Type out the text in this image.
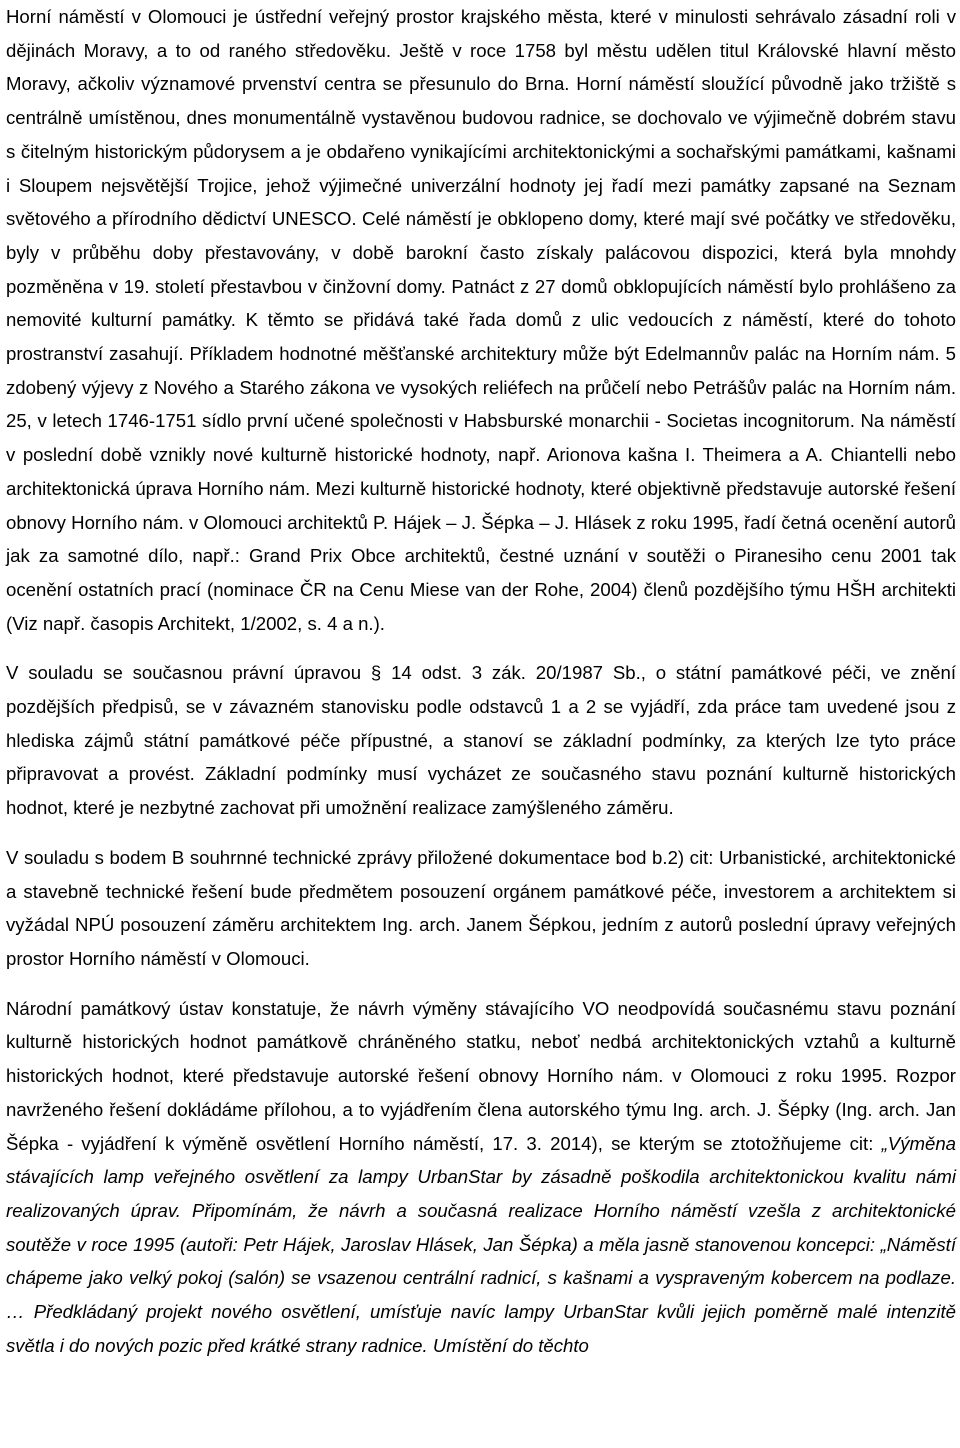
Horní náměstí v Olomouci je ústřední veřejný prostor krajského města, které v minulosti sehrávalo zásadní roli v dějinách Moravy, a to od raného středověku. Ještě v roce 1758 byl městu udělen titul Královské hlavní město Moravy, ačkoliv významové prvenství centra se přesunulo do Brna. Horní náměstí sloužící původně jako tržiště s centrálně umístěnou, dnes monumentálně vystavěnou budovou radnice, se dochovalo ve výjimečně dobrém stavu s čitelným historickým půdorysem a je obdařeno vynikajícími architektonickými a sochařskými památkami, kašnami i Sloupem nejsvětější Trojice, jehož výjimečné univerzální hodnoty jej řadí mezi památky zapsané na Seznam světového a přírodního dědictví UNESCO. Celé náměstí je obklopeno domy, které mají své počátky ve středověku, byly v průběhu doby přestavovány, v době barokní často získaly palácovou dispozici, která byla mnohdy pozměněna v 19. století přestavbou v činžovní domy. Patnáct z 27 domů obklopujících náměstí bylo prohlášeno za nemovité kulturní památky. K těmto se přidává také řada domů z ulic vedoucích z náměstí, které do tohoto prostranství zasahují. Příkladem hodnotné měšťanské architektury může být Edelmannův palác na Horním nám. 5 zdobený výjevy z Nového a Starého zákona ve vysokých reliéfech na průčelí nebo Petrášův palác na Horním nám. 25, v letech 1746-1751 sídlo první učené společnosti v Habsburské monarchii - Societas incognitorum. Na náměstí v poslední době vznikly nové kulturně historické hodnoty, např. Arionova kašna I. Theimera a A. Chiantelli nebo architektonická úprava Horního nám. Mezi kulturně historické hodnoty, které objektivně představuje autorské řešení obnovy Horního nám. v Olomouci architektů P. Hájek – J. Šépka – J. Hlásek z roku 1995, řadí četná ocenění autorů jak za samotné dílo, např.: Grand Prix Obce architektů, čestné uznání v soutěži o Piranesiho cenu 2001 tak ocenění ostatních prací (nominace ČR na Cenu Miese van der Rohe, 2004) členů pozdějšího týmu HŠH architekti (Viz např. časopis Architekt, 1/2002, s. 4 a n.).

V souladu se současnou právní úpravou § 14 odst. 3 zák. 20/1987 Sb., o státní památkové péči, ve znění pozdějších předpisů, se v závazném stanovisku podle odstavců 1 a 2 se vyjádří, zda práce tam uvedené jsou z hlediska zájmů státní památkové péče přípustné, a stanoví se základní podmínky, za kterých lze tyto práce připravovat a provést. Základní podmínky musí vycházet ze současného stavu poznání kulturně historických hodnot, které je nezbytné zachovat při umožnění realizace zamýšleného záměru.

V souladu s bodem B souhrnné technické zprávy přiložené dokumentace bod b.2) cit: Urbanistické, architektonické a stavebně technické řešení bude předmětem posouzení orgánem památkové péče, investorem a architektem si vyžádal NPÚ posouzení záměru architektem Ing. arch. Janem Šépkou, jedním z autorů poslední úpravy veřejných prostor Horního náměstí v Olomouci.

Národní památkový ústav konstatuje, že návrh výměny stávajícího VO neodpovídá současnému stavu poznání kulturně historických hodnot památkově chráněného statku, neboť nedbá architektonických vztahů a kulturně historických hodnot, které představuje autorské řešení obnovy Horního nám. v Olomouci z roku 1995. Rozpor navrženého řešení dokládáme přílohou, a to vyjádřením člena autorského týmu Ing. arch. J. Šépky (Ing. arch. Jan Šépka - vyjádření k výměně osvětlení Horního náměstí, 17. 3. 2014), se kterým se ztotožňujeme cit: „Výměna stávajících lamp veřejného osvětlení za lampy UrbanStar by zásadně poškodila architektonickou kvalitu námi realizovaných úprav. Připomínám, že návrh a současná realizace Horního náměstí vzešla z architektonické soutěže v roce 1995 (autoři: Petr Hájek, Jaroslav Hlásek, Jan Šépka) a měla jasně stanovenou koncepci: „Náměstí chápeme jako velký pokoj (salón) se vsazenou centrální radnicí, s kašnami a vyspraveným kobercem na podlaze. … Předkládaný projekt nového osvětlení, umísťuje navíc lampy UrbanStar kvůli jejich poměrně malé intenzitě světla i do nových pozic před krátké strany radnice. Umístění do těchto
